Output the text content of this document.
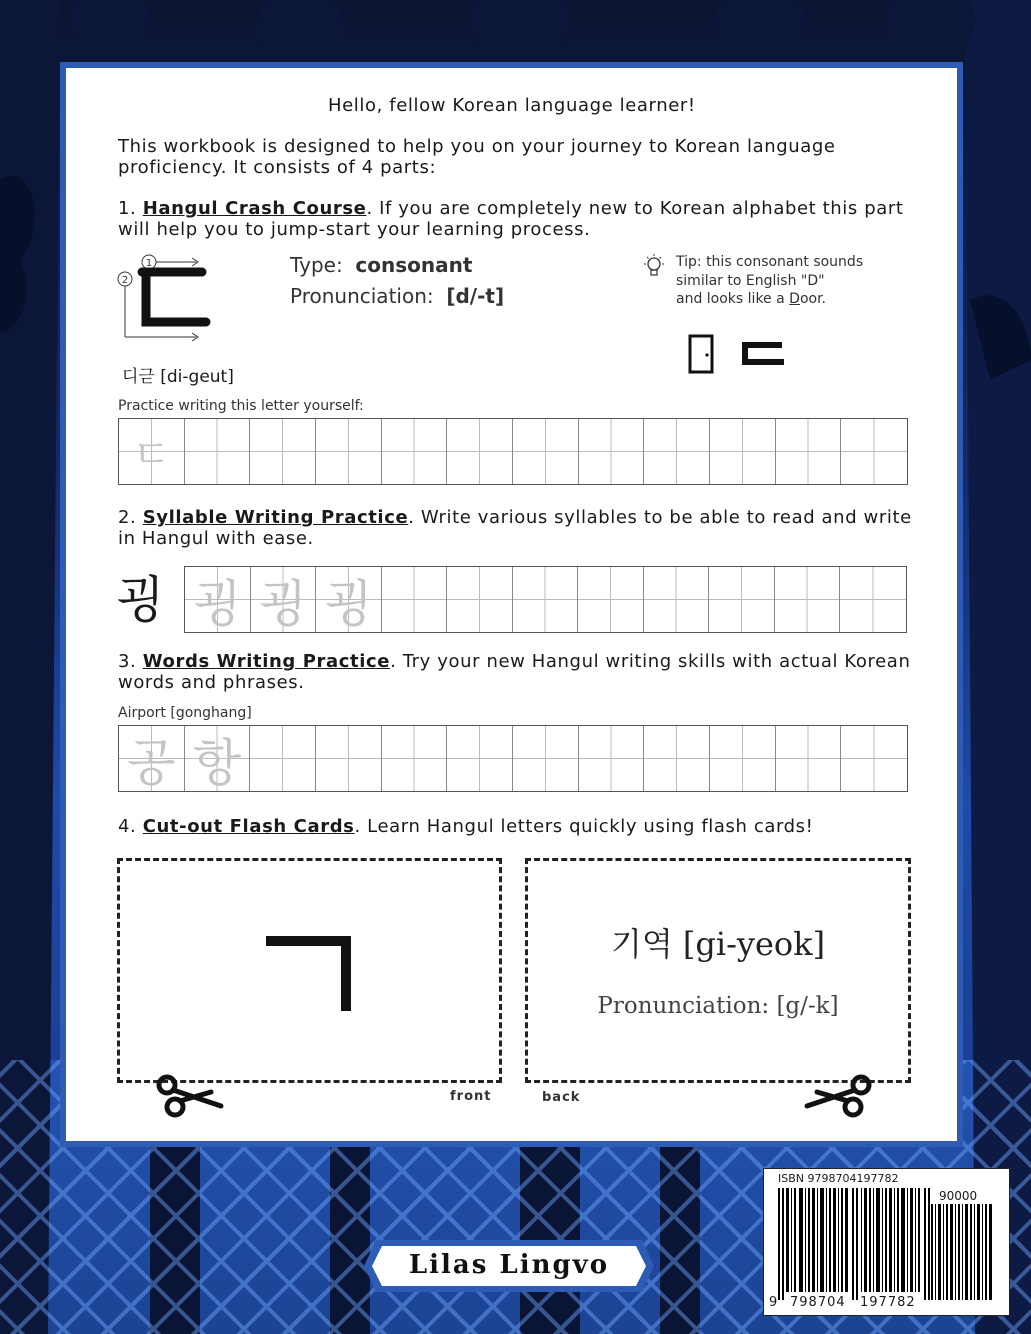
Hello, fellow Korean language learner!
This workbook is designed to help you on your journey to Korean language
proficiency. It consists of 4 parts:
1. Hangul Crash Course. If you are completely new to Korean alphabet this part
will help you to jump-start your learning process.
1
2
디귿 [di-geut]
Type: consonant
Pronunciation: [d/-t]
Tip: this consonant sounds
similar to English "D"
and looks like a Door.
Practice writing this letter yourself:
ㄷ
2. Syllable Writing Practice. Write various syllables to be able to read and write
in Hangul with ease.
굉 굉 굉 굉
3. Words Writing Practice. Try your new Hangul writing skills with actual Korean
words and phrases.
Airport [gonghang]
공 항
4. Cut-out Flash Cards. Learn Hangul letters quickly using flash cards!
기역 [gi-yeok]
Pronunciation: [g/-k]
front	back
Lilas Lingvo
ISBN 9798704197782
90000
9 798704 197782
